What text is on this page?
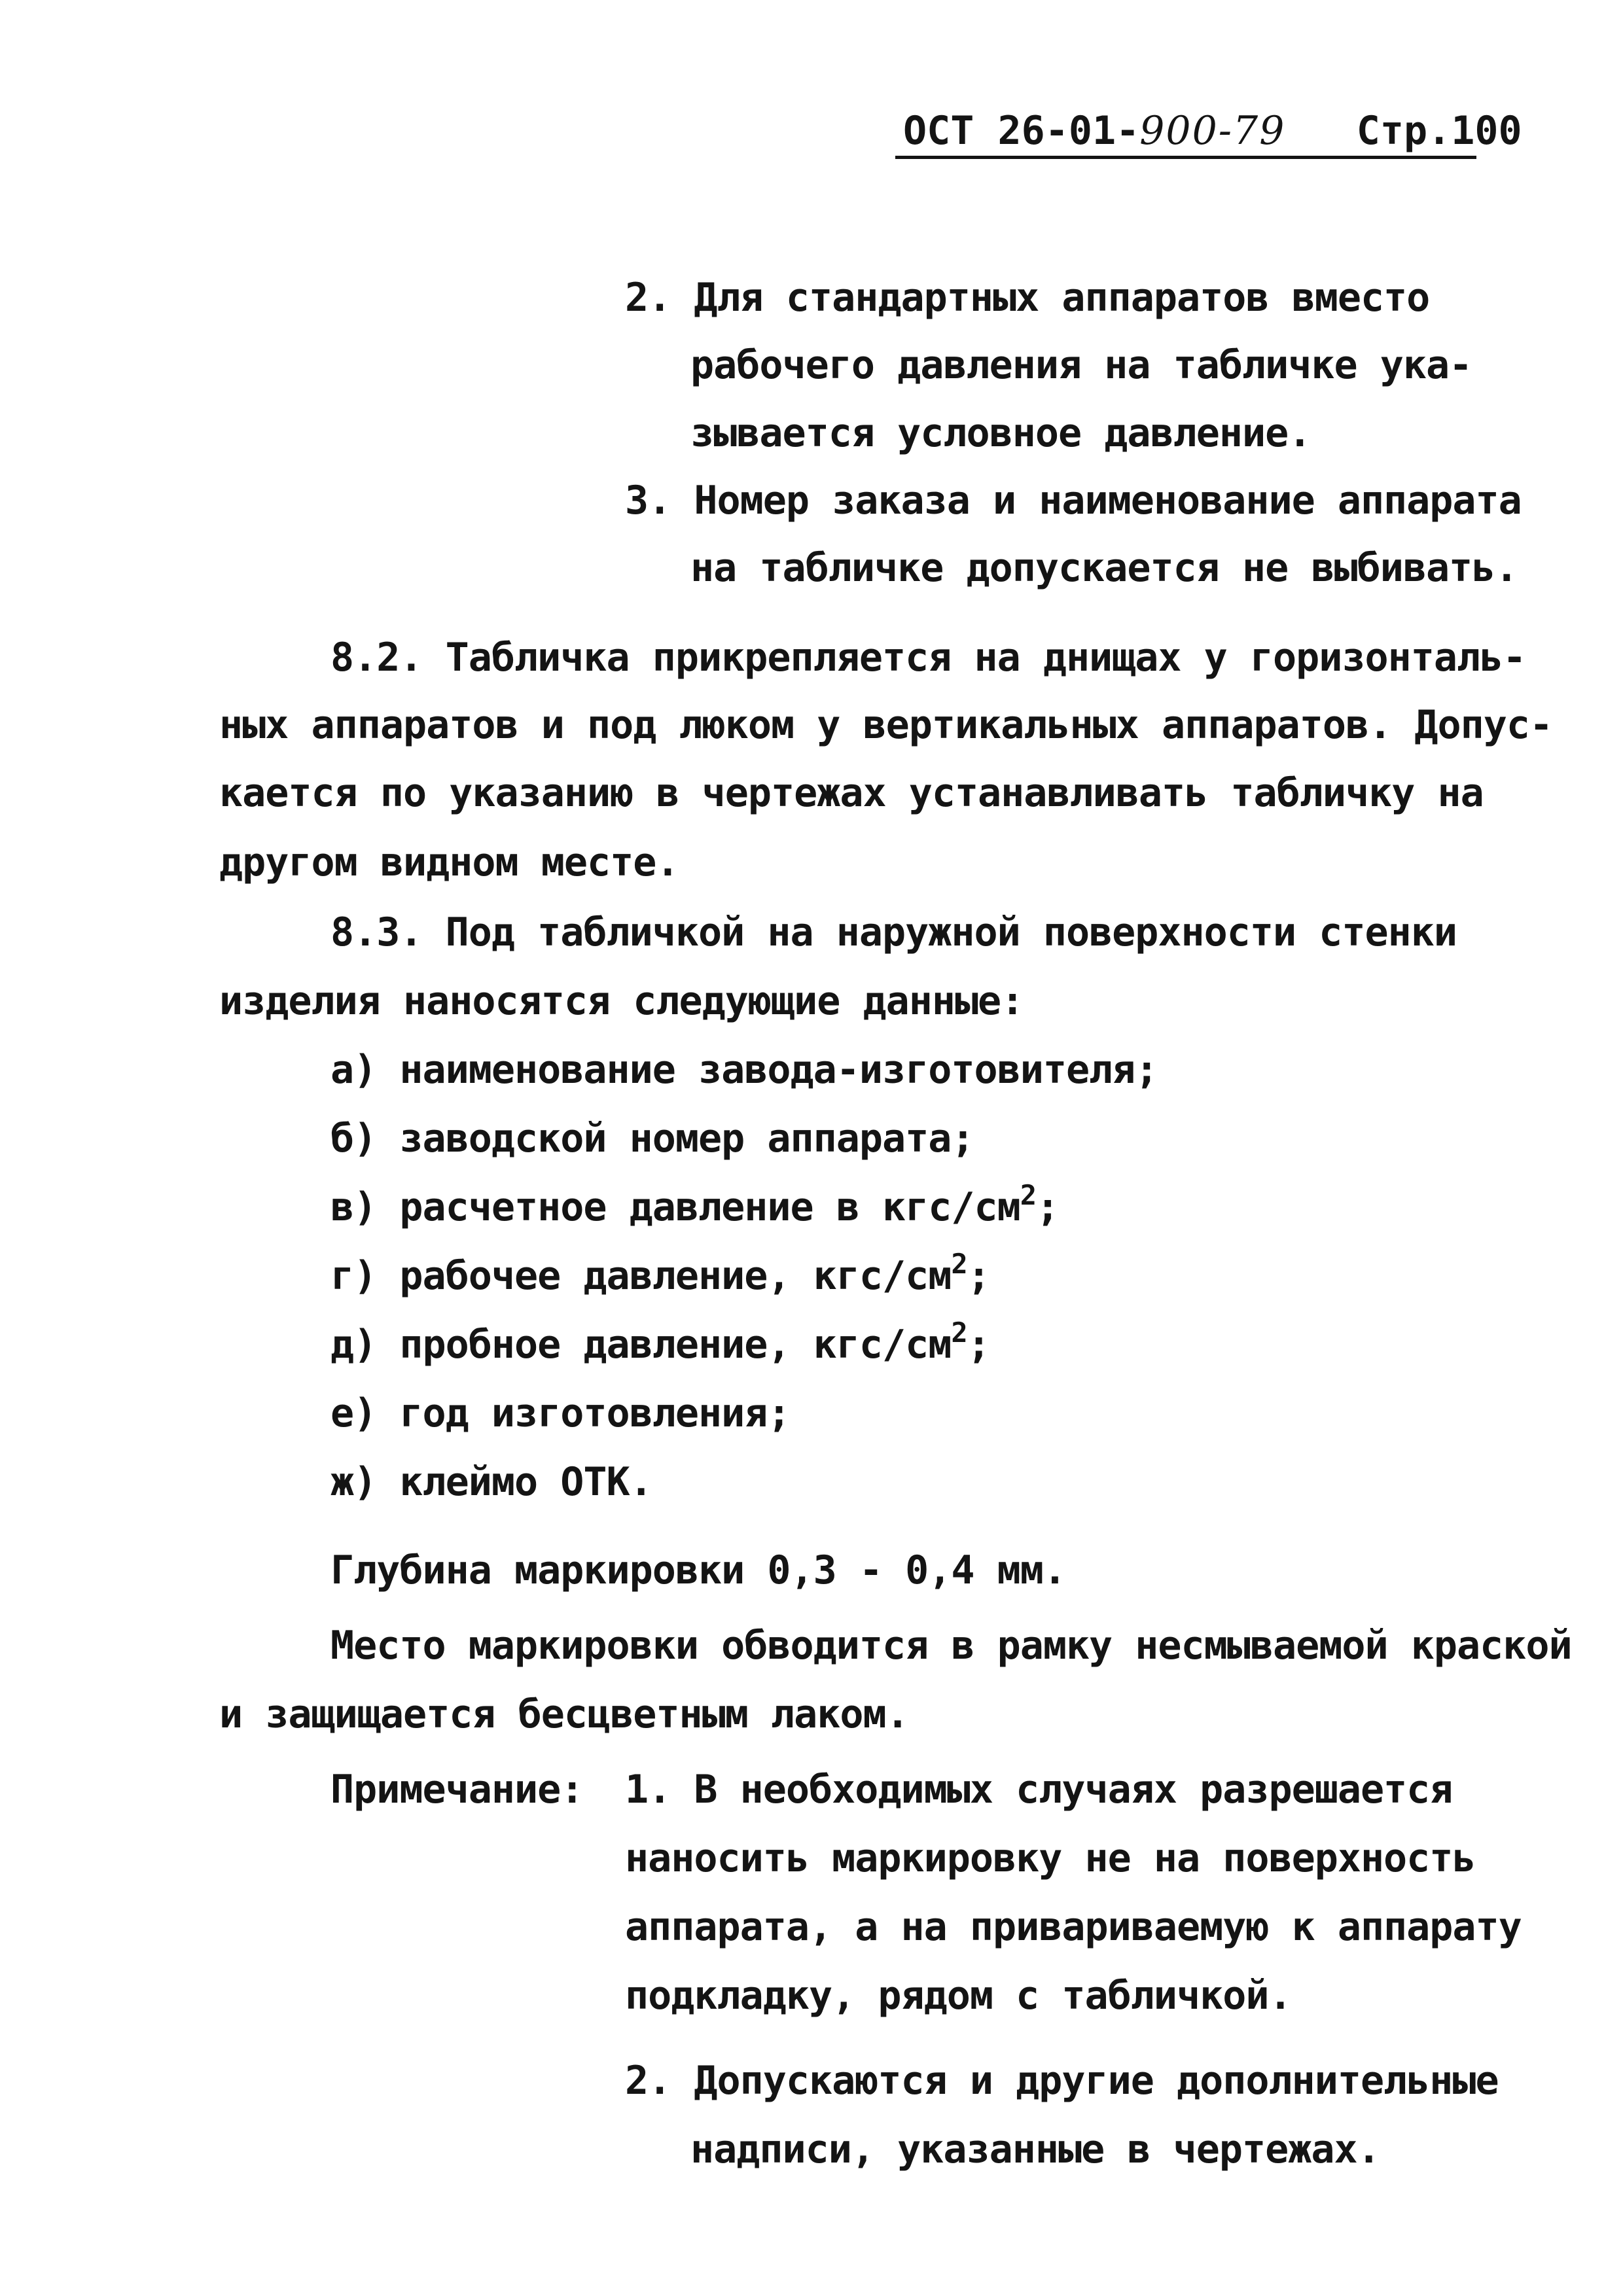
ОСТ 26-01-900-79 Стр.100
2. Для стандартных аппаратов вместо
рабочего давления на табличке ука-
зывается условное давление.
3. Номер заказа и наименование аппарата
на табличке допускается не выбивать.
8.2. Табличка прикрепляется на днищах у горизонталь-
ных аппаратов и под люком у вертикальных аппаратов. Допус-
кается по указанию в чертежах устанавливать табличку на
другом видном месте.
8.3. Под табличкой на наружной поверхности стенки
изделия наносятся следующие данные:
а) наименование завода-изготовителя;
б) заводской номер аппарата;
в) расчетное давление в кгс/$см^2$;
г) рабочее давление, кгс/$см^2$;
д) пробное давление, кгс/$см^2$;
е) год изготовления;
ж) клеймо ОТК.
Глубина маркировки 0,3 - 0,4 мм.
Место маркировки обводится в рамку несмываемой краской
и защищается бесцветным лаком.
Примечание: 1. В необходимых случаях разрешается
наносить маркировку не на поверхность
аппарата, а на привариваемую к аппарату
подкладку, рядом с табличкой.
2. Допускаются и другие дополнительные
надписи, указанные в чертежах.
